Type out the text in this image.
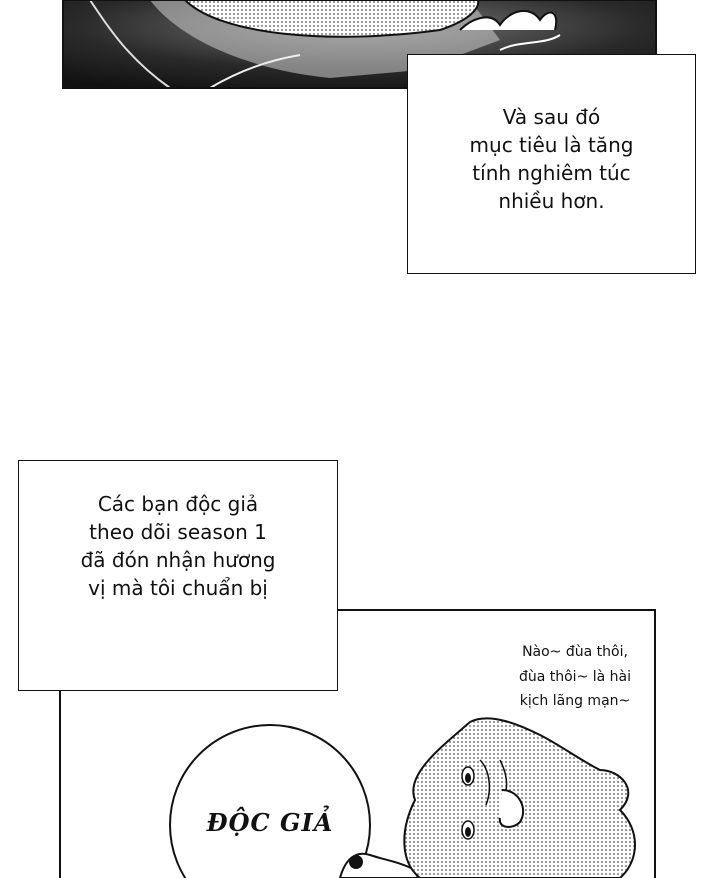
Và sau đó
mục tiêu là tăng
tính nghiêm túc
nhiều hơn.
Các bạn độc giả
theo dõi season 1
đã đón nhận hương
vị mà tôi chuẩn bị
Nào~ đùa thôi,
đùa thôi~ là hài
kịch lãng mạn~
ĐỘC GIẢ
